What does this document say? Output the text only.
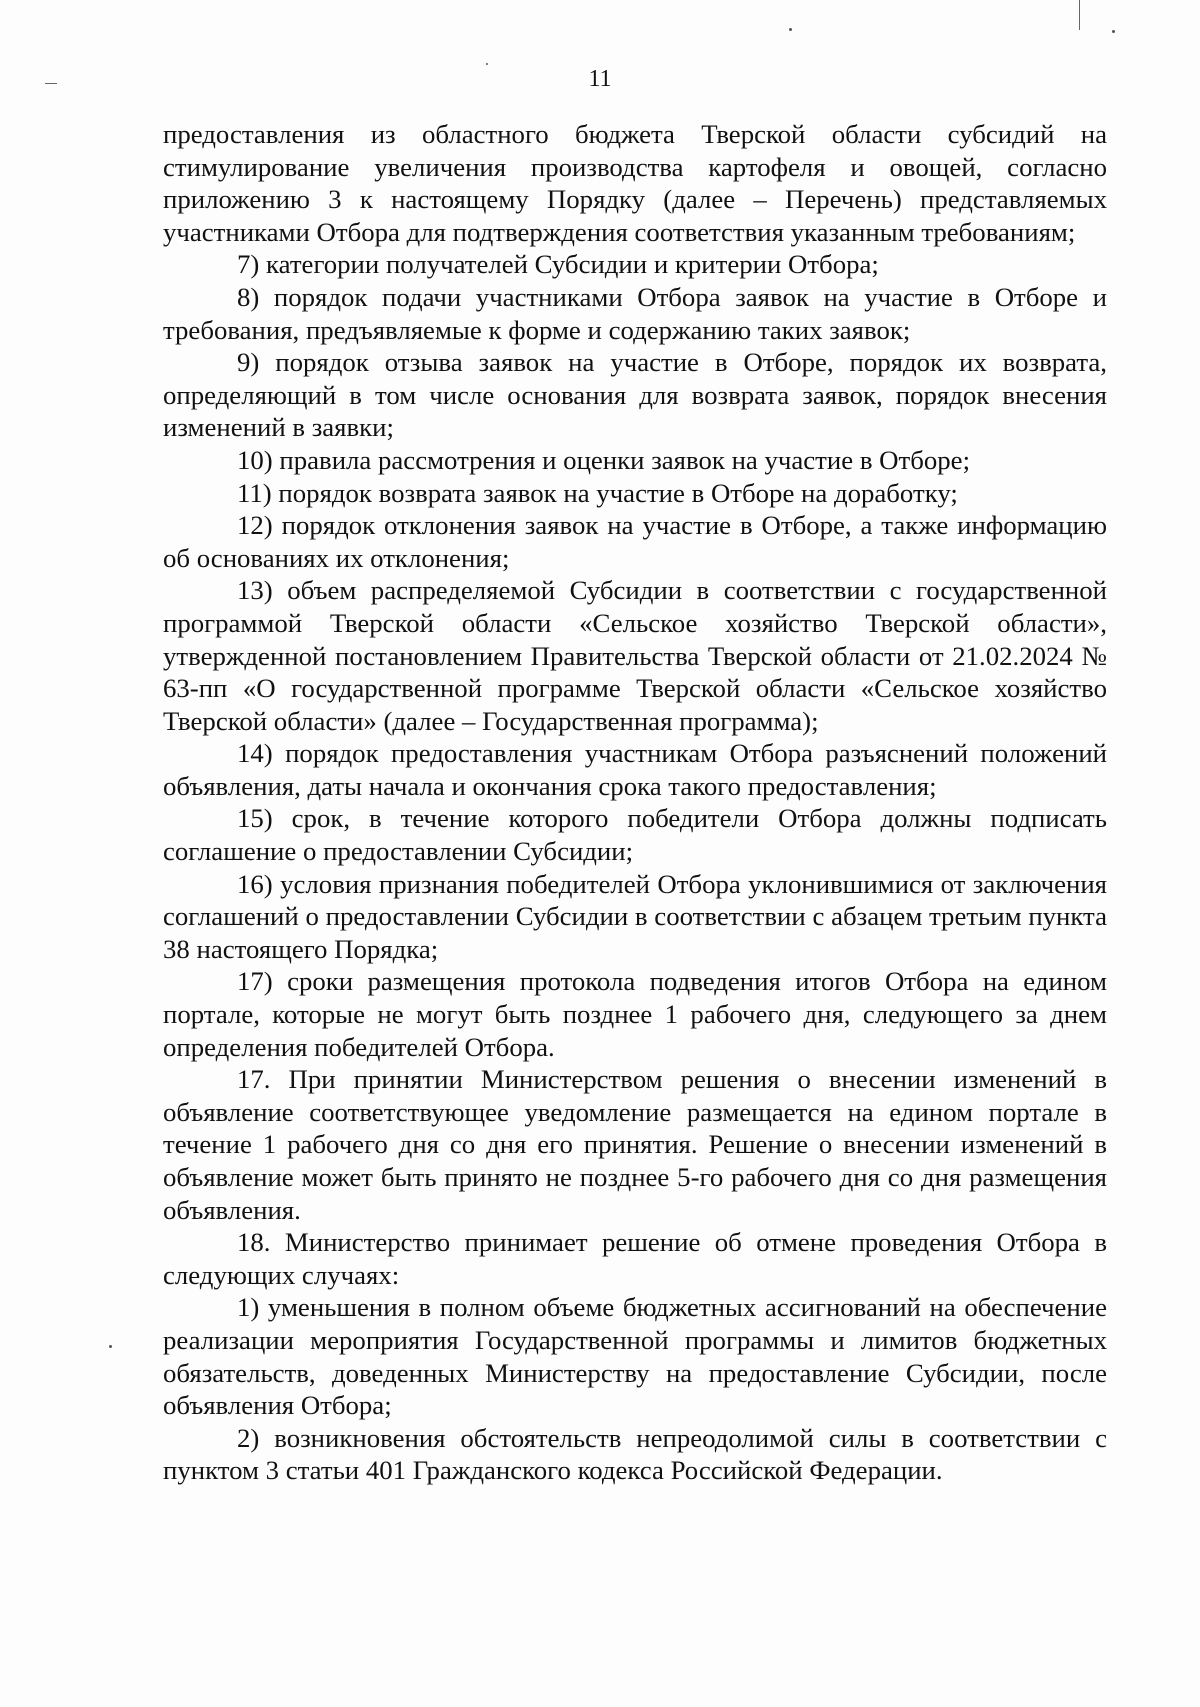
11

предоставления из областного бюджета Тверской области субсидий на стимулирование увеличения производства картофеля и овощей, согласно приложению 3 к настоящему Порядку (далее – Перечень) представляемых участниками Отбора для подтверждения соответствия указанным требованиям;

7) категории получателей Субсидии и критерии Отбора;

8) порядок подачи участниками Отбора заявок на участие в Отборе и требования, предъявляемые к форме и содержанию таких заявок;

9) порядок отзыва заявок на участие в Отборе, порядок их возврата, определяющий в том числе основания для возврата заявок, порядок внесения изменений в заявки;

10) правила рассмотрения и оценки заявок на участие в Отборе;

11) порядок возврата заявок на участие в Отборе на доработку;

12) порядок отклонения заявок на участие в Отборе, а также информацию об основаниях их отклонения;

13) объем распределяемой Субсидии в соответствии с государственной программой Тверской области «Сельское хозяйство Тверской области», утвержденной постановлением Правительства Тверской области от 21.02.2024 № 63-пп «О государственной программе Тверской области «Сельское хозяйство Тверской области» (далее – Государственная программа);

14) порядок предоставления участникам Отбора разъяснений положений объявления, даты начала и окончания срока такого предоставления;

15) срок, в течение которого победители Отбора должны подписать соглашение о предоставлении Субсидии;

16) условия признания победителей Отбора уклонившимися от заключения соглашений о предоставлении Субсидии в соответствии с абзацем третьим пункта 38 настоящего Порядка;

17) сроки размещения протокола подведения итогов Отбора на едином портале, которые не могут быть позднее 1 рабочего дня, следующего за днем определения победителей Отбора.

17. При принятии Министерством решения о внесении изменений в объявление соответствующее уведомление размещается на едином портале в течение 1 рабочего дня со дня его принятия. Решение о внесении изменений в объявление может быть принято не позднее 5-го рабочего дня со дня размещения объявления.

18. Министерство принимает решение об отмене проведения Отбора в следующих случаях:

1) уменьшения в полном объеме бюджетных ассигнований на обеспечение реализации мероприятия Государственной программы и лимитов бюджетных обязательств, доведенных Министерству на предоставление Субсидии, после объявления Отбора;

2) возникновения обстоятельств непреодолимой силы в соответствии с пунктом 3 статьи 401 Гражданского кодекса Российской Федерации.
